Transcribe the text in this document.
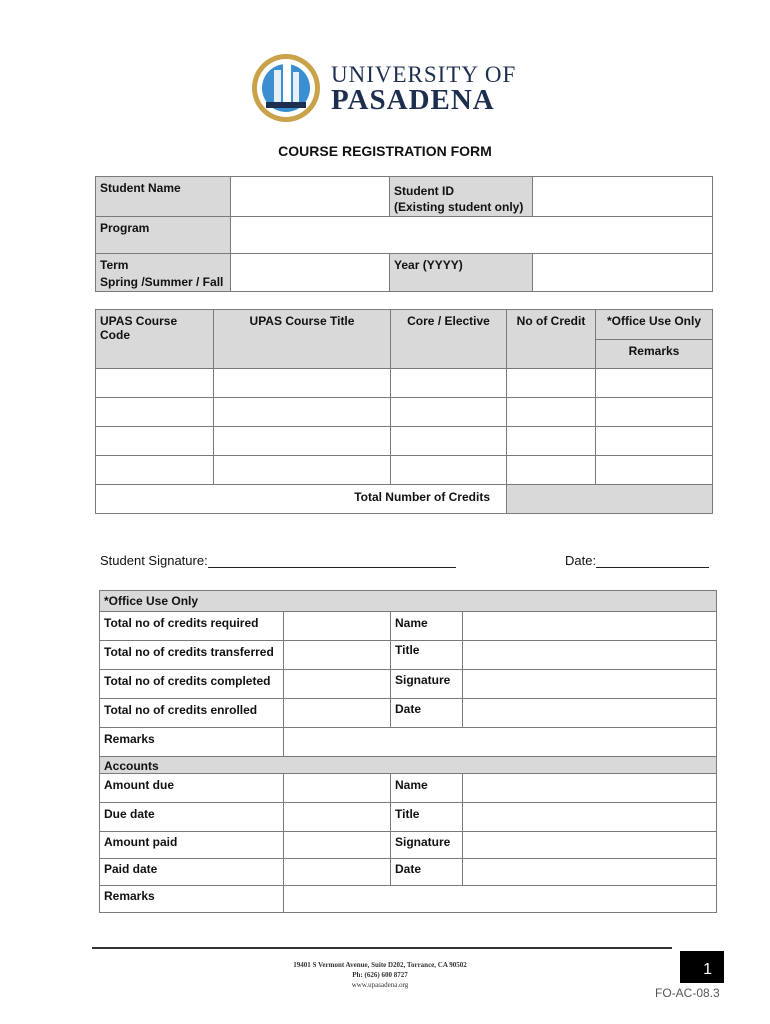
UNIVERSITY OF
PASADENA
COURSE REGISTRATION FORM
Student Name		Student ID
(Existing student only)	

Program			

Term
Spring /Summer / Fall		Year (YYYY)	
UPAS Course Code	UPAS Course Title	Core / Elective	No of Credit	*Office Use Only
				Remarks

Total Number of Credits				
Student Signature:	Date:
*Office Use Only			
Total no of credits required		Name	
Total no of credits transferred		Title	
Total no of credits completed		Signature	
Total no of credits enrolled		Date	
Remarks			
Accounts			
Amount due		Name	
Due date		Title	
Amount paid		Signature	
Paid date		Date	
Remarks			
19401 S Vermont Avenue, Suite D202, Torrance, CA 90502
Ph: (626) 600 8727
www.upasadena.org
1
FO-AC-08.3
